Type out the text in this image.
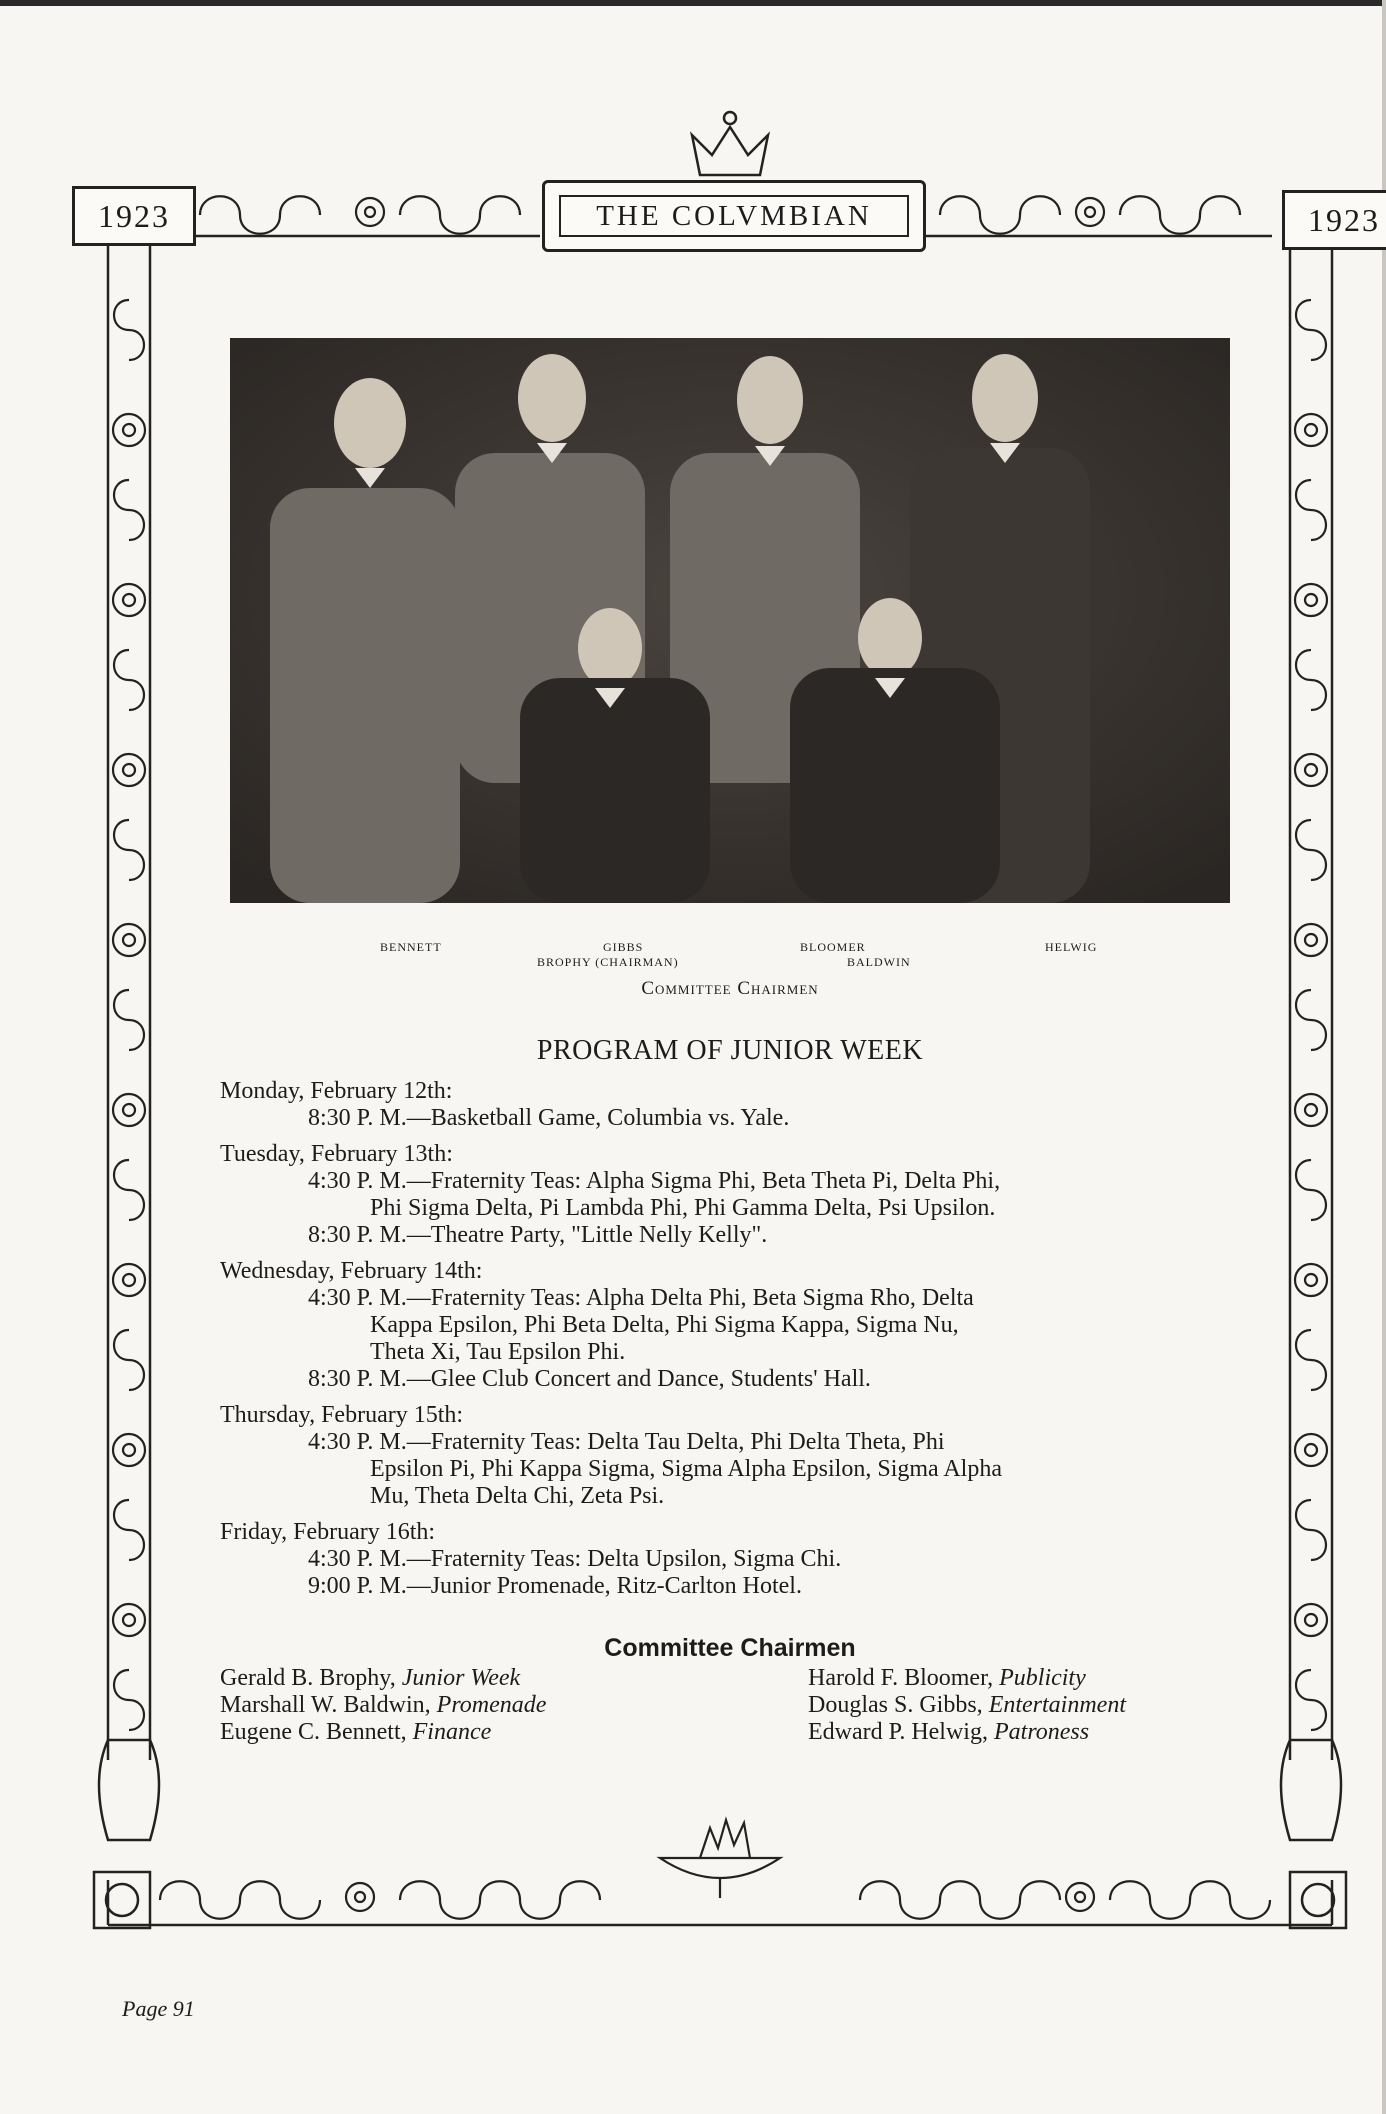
1923	1923
THE COLVMBIAN
BENNETT	GIBBS	BLOOMER	HELWIG
BROPHY (CHAIRMAN)	BALDWIN
Committee Chairmen
PROGRAM OF JUNIOR WEEK
Monday, February 12th:
8:30 P. M.—Basketball Game, Columbia vs. Yale.
Tuesday, February 13th:
4:30 P. M.—Fraternity Teas: Alpha Sigma Phi, Beta Theta Pi, Delta Phi,
Phi Sigma Delta, Pi Lambda Phi, Phi Gamma Delta, Psi Upsilon.
8:30 P. M.—Theatre Party, "Little Nelly Kelly".
Wednesday, February 14th:
4:30 P. M.—Fraternity Teas: Alpha Delta Phi, Beta Sigma Rho, Delta
Kappa Epsilon, Phi Beta Delta, Phi Sigma Kappa, Sigma Nu,
Theta Xi, Tau Epsilon Phi.
8:30 P. M.—Glee Club Concert and Dance, Students' Hall.
Thursday, February 15th:
4:30 P. M.—Fraternity Teas: Delta Tau Delta, Phi Delta Theta, Phi
Epsilon Pi, Phi Kappa Sigma, Sigma Alpha Epsilon, Sigma Alpha
Mu, Theta Delta Chi, Zeta Psi.
Friday, February 16th:
4:30 P. M.—Fraternity Teas: Delta Upsilon, Sigma Chi.
9:00 P. M.—Junior Promenade, Ritz-Carlton Hotel.
Committee Chairmen
Gerald B. Brophy, Junior Week
Marshall W. Baldwin, Promenade
Eugene C. Bennett, Finance
Harold F. Bloomer, Publicity
Douglas S. Gibbs, Entertainment
Edward P. Helwig, Patroness
Page 91
